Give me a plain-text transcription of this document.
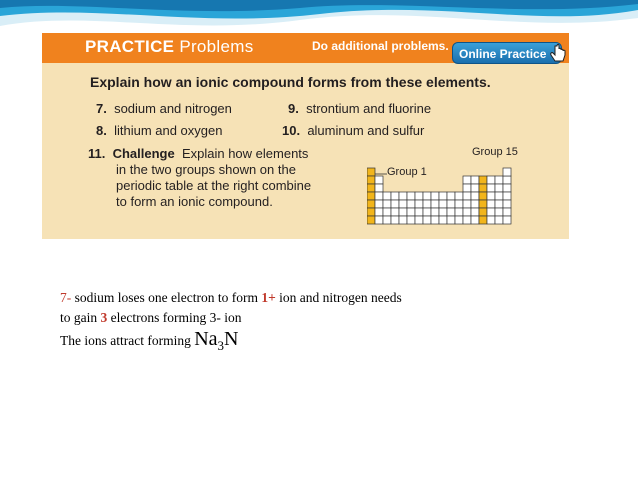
PRACTICE Problems	Do additional problems.
Online Practice
Explain how an ionic compound forms from these elements.
7. sodium and nitrogen
8. lithium and oxygen
9. strontium and fluorine
10. aluminum and sulfur
11. Challenge Explain how elements
in the two groups shown on the
periodic table at the right combine
to form an ionic compound.
Group 15
Group 1
7- sodium loses one electron to form 1+ ion and nitrogen needs
to gain 3 electrons forming 3- ion
The ions attract forming $Na_3N$
